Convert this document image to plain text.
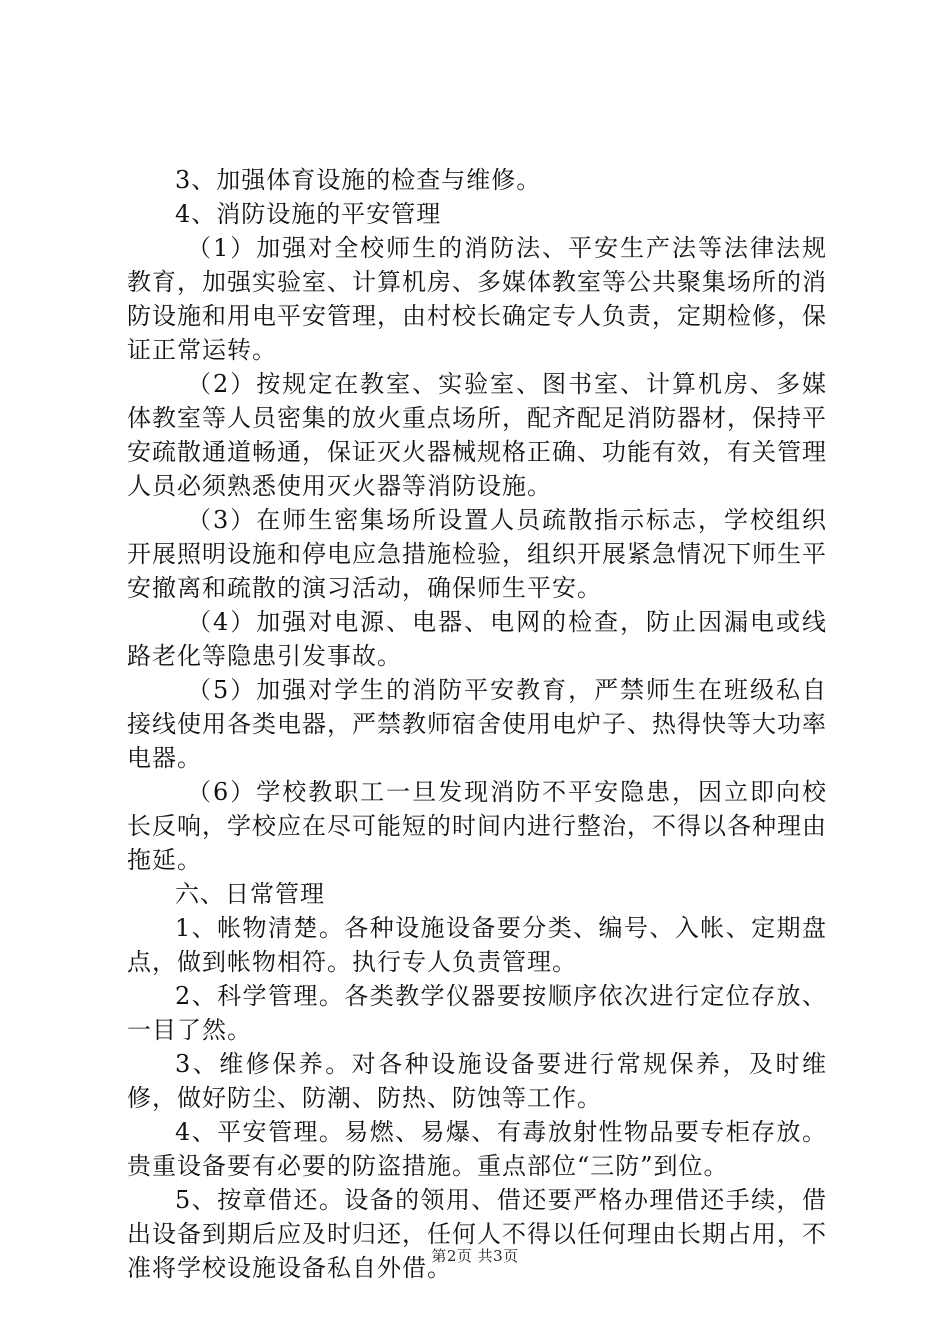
3、加强体育设施的检查与维修。

4、消防设施的平安管理

（1）加强对全校师生的消防法、平安生产法等法律法规教育，加强实验室、计算机房、多媒体教室等公共聚集场所的消防设施和用电平安管理，由村校长确定专人负责，定期检修，保证正常运转。

（2）按规定在教室、实验室、图书室、计算机房、多媒体教室等人员密集的放火重点场所，配齐配足消防器材，保持平安疏散通道畅通，保证灭火器械规格正确、功能有效，有关管理人员必须熟悉使用灭火器等消防设施。

（3）在师生密集场所设置人员疏散指示标志，学校组织开展照明设施和停电应急措施检验，组织开展紧急情况下师生平安撤离和疏散的演习活动，确保师生平安。

（4）加强对电源、电器、电网的检查，防止因漏电或线路老化等隐患引发事故。

（5）加强对学生的消防平安教育，严禁师生在班级私自接线使用各类电器，严禁教师宿舍使用电炉子、热得快等大功率电器。

（6）学校教职工一旦发现消防不平安隐患，因立即向校长反响，学校应在尽可能短的时间内进行整治，不得以各种理由拖延。

六、日常管理

1、帐物清楚。各种设施设备要分类、编号、入帐、定期盘点，做到帐物相符。执行专人负责管理。

2、科学管理。各类教学仪器要按顺序依次进行定位存放、一目了然。

3、维修保养。对各种设施设备要进行常规保养，及时维修，做好防尘、防潮、防热、防蚀等工作。

4、平安管理。易燃、易爆、有毒放射性物品要专柜存放。贵重设备要有必要的防盗措施。重点部位“三防”到位。

5、按章借还。设备的领用、借还要严格办理借还手续，借出设备到期后应及时归还，任何人不得以任何理由长期占用，不准将学校设施设备私自外借。

第2页 共3页
